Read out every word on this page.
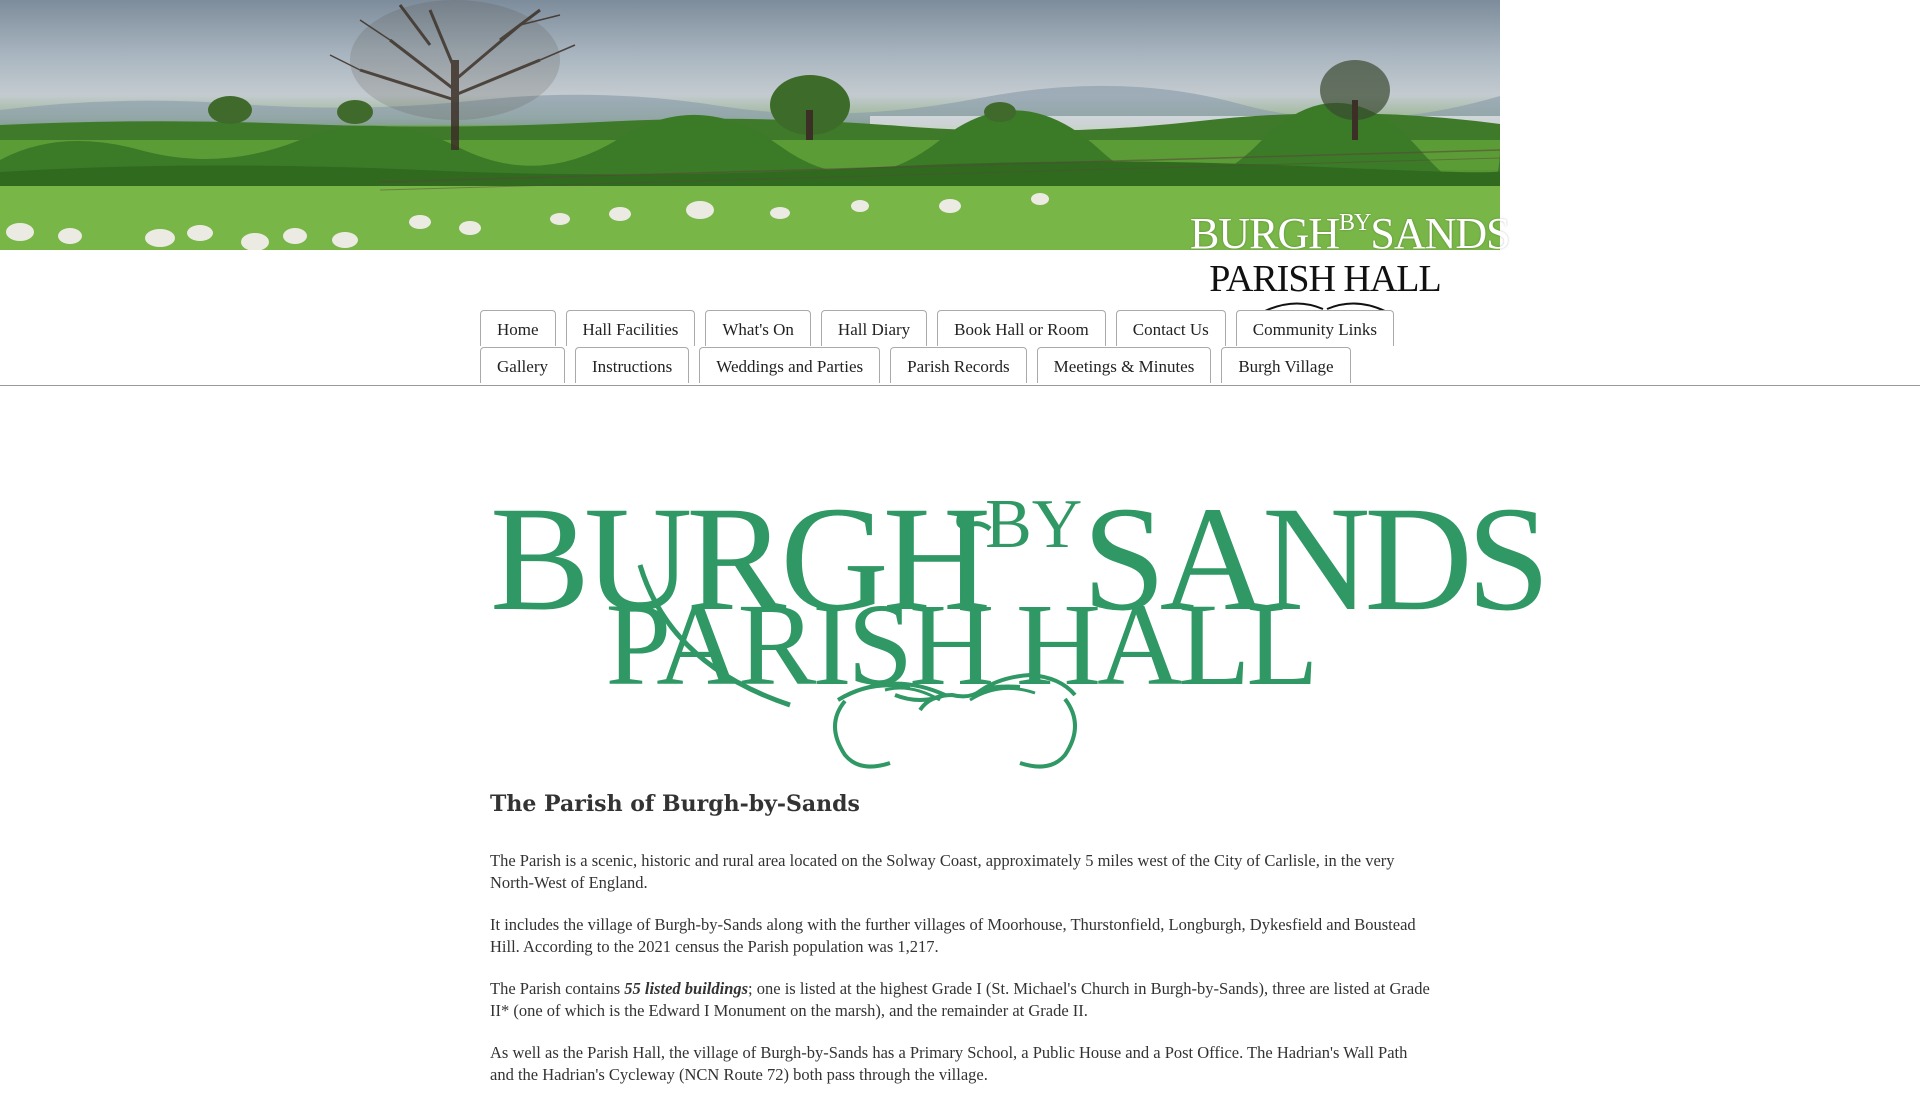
$BURGH^{BY}SANDS$
PARISH HALL
Home	Hall Facilities	What's On	Hall Diary	Book Hall or Room	Contact Us	Community Links
Gallery	Instructions	Weddings and Parties	Parish Records	Meetings & Minutes	Burgh Village
$BURGH^{BY}SANDS$
PARISH HALL
The Parish of Burgh-by-Sands

The Parish is a scenic, historic and rural area located on the Solway Coast, approximately 5 miles west of the City of Carlisle, in the very North-West of England.

It includes the village of Burgh-by-Sands along with the further villages of Moorhouse, Thurstonfield, Longburgh, Dykesfield and Boustead Hill. According to the 2021 census the Parish population was 1,217.

The Parish contains 55 listed buildings; one is listed at the highest Grade I (St. Michael's Church in Burgh-by-Sands), three are listed at Grade II* (one of which is the Edward I Monument on the marsh), and the remainder at Grade II.

As well as the Parish Hall, the village of Burgh-by-Sands has a Primary School, a Public House and a Post Office. The Hadrian's Wall Path and the Hadrian's Cycleway (NCN Route 72) both pass through the village.
